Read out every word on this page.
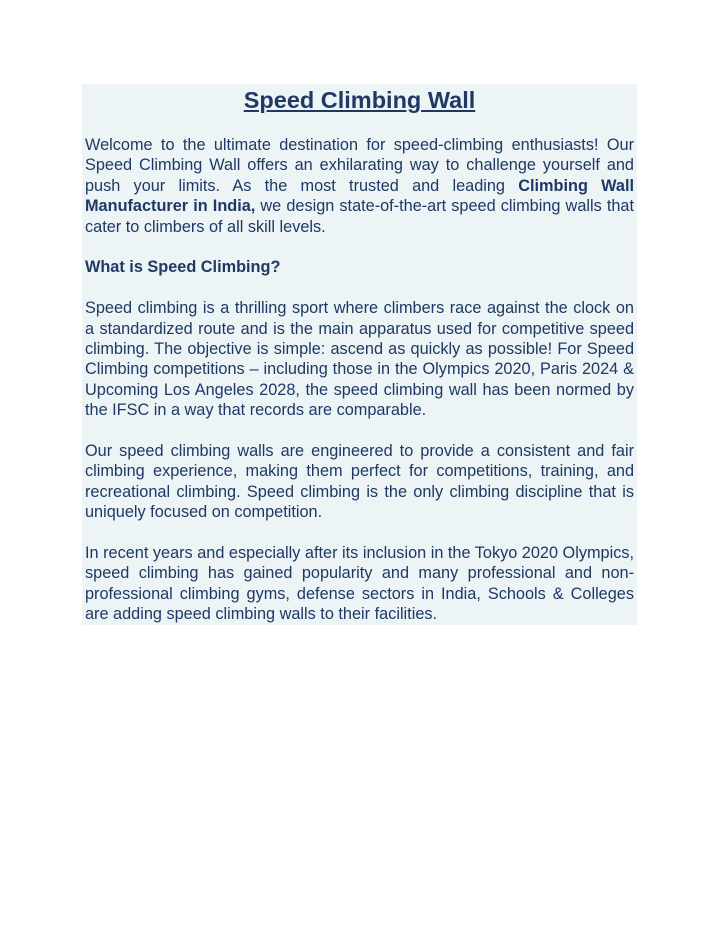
Speed Climbing Wall

Welcome to the ultimate destination for speed-climbing enthusiasts! Our Speed Climbing Wall offers an exhilarating way to challenge yourself and push your limits. As the most trusted and leading Climbing Wall Manufacturer in India, we design state-of-the-art speed climbing walls that cater to climbers of all skill levels.

What is Speed Climbing?

Speed climbing is a thrilling sport where climbers race against the clock on a standardized route and is the main apparatus used for competitive speed climbing. The objective is simple: ascend as quickly as possible! For Speed Climbing competitions – including those in the Olympics 2020, Paris 2024 & Upcoming Los Angeles 2028, the speed climbing wall has been normed by the IFSC in a way that records are comparable.

Our speed climbing walls are engineered to provide a consistent and fair climbing experience, making them perfect for competitions, training, and recreational climbing. Speed climbing is the only climbing discipline that is uniquely focused on competition.

In recent years and especially after its inclusion in the Tokyo 2020 Olympics, speed climbing has gained popularity and many professional and non-professional climbing gyms, defense sectors in India, Schools & Colleges are adding speed climbing walls to their facilities.
